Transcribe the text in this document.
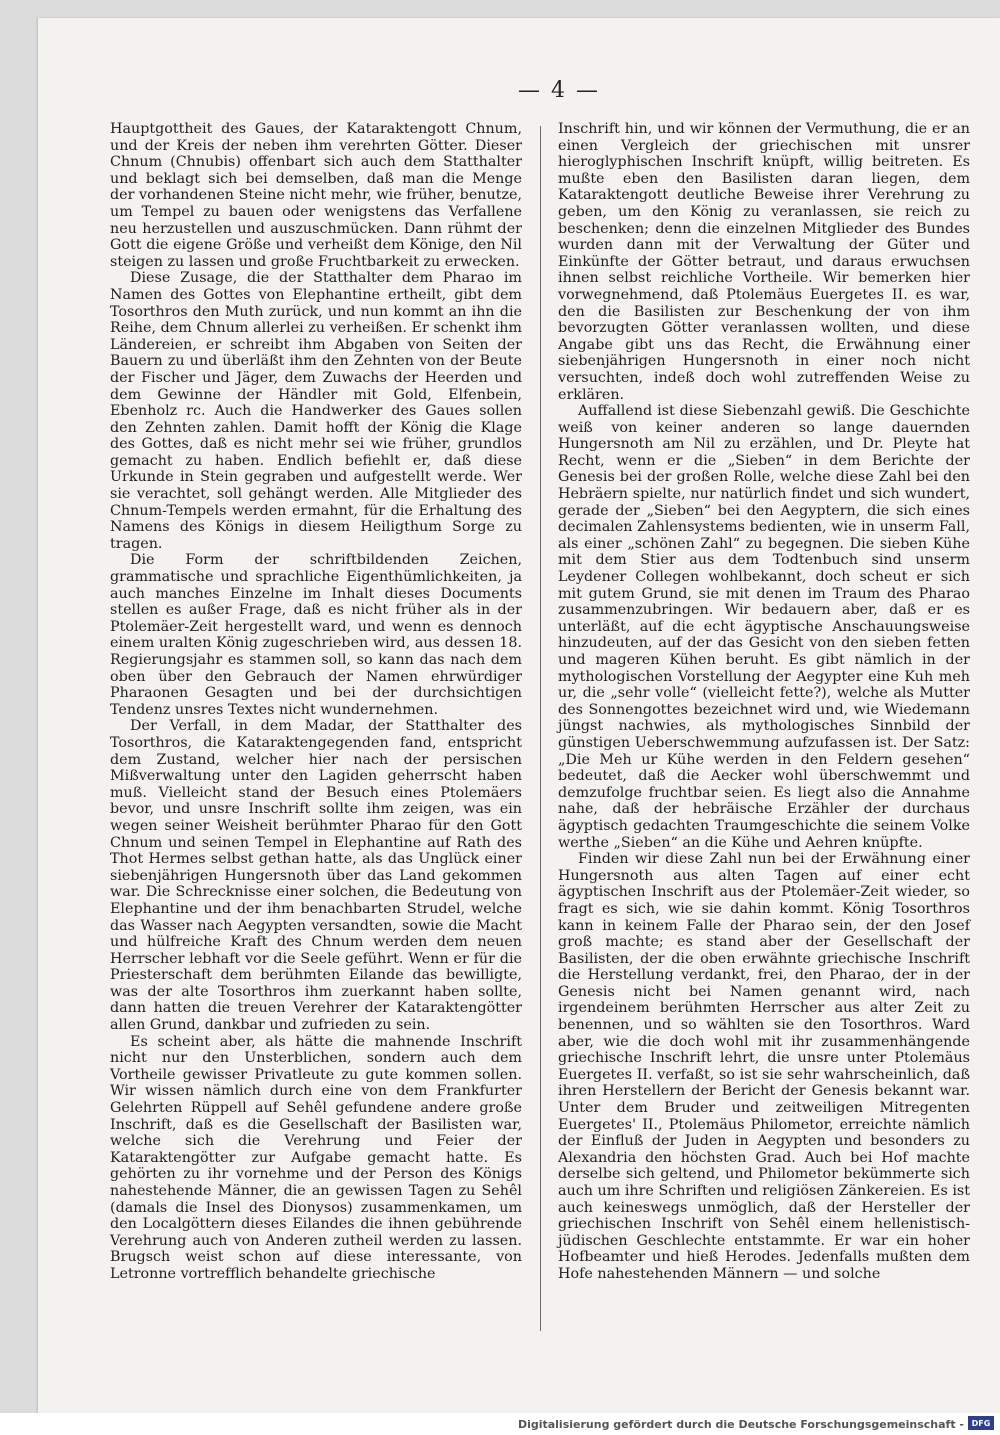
— 4 —

Hauptgottheit des Gaues, der Kataraktengott Chnum, und der Kreis der neben ihm verehrten Götter. Dieser Chnum (Chnubis) offenbart sich auch dem Statthalter und beklagt sich bei demselben, daß man die Menge der vorhandenen Steine nicht mehr, wie früher, benutze, um Tempel zu bauen oder wenigstens das Verfallene neu herzustellen und auszuschmücken. Dann rühmt der Gott die eigene Größe und verheißt dem Könige, den Nil steigen zu lassen und große Fruchtbarkeit zu erwecken.

Diese Zusage, die der Statthalter dem Pharao im Namen des Gottes von Elephantine ertheilt, gibt dem Tosorthros den Muth zurück, und nun kommt an ihn die Reihe, dem Chnum allerlei zu verheißen. Er schenkt ihm Ländereien, er schreibt ihm Abgaben von Seiten der Bauern zu und überläßt ihm den Zehnten von der Beute der Fischer und Jäger, dem Zuwachs der Heerden und dem Gewinne der Händler mit Gold, Elfenbein, Ebenholz rc. Auch die Handwerker des Gaues sollen den Zehnten zahlen. Damit hofft der König die Klage des Gottes, daß es nicht mehr sei wie früher, grundlos gemacht zu haben. Endlich befiehlt er, daß diese Urkunde in Stein gegraben und aufgestellt werde. Wer sie verachtet, soll gehängt werden. Alle Mitglieder des Chnum-Tempels werden ermahnt, für die Erhaltung des Namens des Königs in diesem Heiligthum Sorge zu tragen.

Die Form der schriftbildenden Zeichen, grammatische und sprachliche Eigenthümlichkeiten, ja auch manches Einzelne im Inhalt dieses Documents stellen es außer Frage, daß es nicht früher als in der Ptolemäer-Zeit hergestellt ward, und wenn es dennoch einem uralten König zugeschrieben wird, aus dessen 18. Regierungsjahr es stammen soll, so kann das nach dem oben über den Gebrauch der Namen ehrwürdiger Pharaonen Gesagten und bei der durchsichtigen Tendenz unsres Textes nicht wundernehmen.

Der Verfall, in dem Madar, der Statthalter des Tosorthros, die Kataraktengegenden fand, entspricht dem Zustand, welcher hier nach der persischen Mißverwaltung unter den Lagiden geherrscht haben muß. Vielleicht stand der Besuch eines Ptolemäers bevor, und unsre Inschrift sollte ihm zeigen, was ein wegen seiner Weisheit berühmter Pharao für den Gott Chnum und seinen Tempel in Elephantine auf Rath des Thot Hermes selbst gethan hatte, als das Unglück einer siebenjährigen Hungersnoth über das Land gekommen war. Die Schrecknisse einer solchen, die Bedeutung von Elephantine und der ihm benachbarten Strudel, welche das Wasser nach Aegypten versandten, sowie die Macht und hülfreiche Kraft des Chnum werden dem neuen Herrscher lebhaft vor die Seele geführt. Wenn er für die Priesterschaft dem berühmten Eilande das bewilligte, was der alte Tosorthros ihm zuerkannt haben sollte, dann hatten die treuen Verehrer der Kataraktengötter allen Grund, dankbar und zufrieden zu sein.

Es scheint aber, als hätte die mahnende Inschrift nicht nur den Unsterblichen, sondern auch dem Vortheile gewisser Privatleute zu gute kommen sollen. Wir wissen nämlich durch eine von dem Frankfurter Gelehrten Rüppell auf Sehêl gefundene andere große Inschrift, daß es die Gesellschaft der Basilisten war, welche sich die Verehrung und Feier der Kataraktengötter zur Aufgabe gemacht hatte. Es gehörten zu ihr vornehme und der Person des Königs nahestehende Männer, die an gewissen Tagen zu Sehêl (damals die Insel des Dionysos) zusammenkamen, um den Localgöttern dieses Eilandes die ihnen gebührende Verehrung auch von Anderen zutheil werden zu lassen. Brugsch weist schon auf diese interessante, von Letronne vortrefflich behandelte griechische

Inschrift hin, und wir können der Vermuthung, die er an einen Vergleich der griechischen mit unsrer hieroglyphischen Inschrift knüpft, willig beitreten. Es mußte eben den Basilisten daran liegen, dem Kataraktengott deutliche Beweise ihrer Verehrung zu geben, um den König zu veranlassen, sie reich zu beschenken; denn die einzelnen Mitglieder des Bundes wurden dann mit der Verwaltung der Güter und Einkünfte der Götter betraut, und daraus erwuchsen ihnen selbst reichliche Vortheile. Wir bemerken hier vorwegnehmend, daß Ptolemäus Euergetes II. es war, den die Basilisten zur Beschenkung der von ihm bevorzugten Götter veranlassen wollten, und diese Angabe gibt uns das Recht, die Erwähnung einer siebenjährigen Hungersnoth in einer noch nicht versuchten, indeß doch wohl zutreffenden Weise zu erklären.

Auffallend ist diese Siebenzahl gewiß. Die Geschichte weiß von keiner anderen so lange dauernden Hungersnoth am Nil zu erzählen, und Dr. Pleyte hat Recht, wenn er die „Sieben“ in dem Berichte der Genesis bei der großen Rolle, welche diese Zahl bei den Hebräern spielte, nur natürlich findet und sich wundert, gerade der „Sieben“ bei den Aegyptern, die sich eines decimalen Zahlensystems bedienten, wie in unserm Fall, als einer „schönen Zahl“ zu begegnen. Die sieben Kühe mit dem Stier aus dem Todtenbuch sind unserm Leydener Collegen wohlbekannt, doch scheut er sich mit gutem Grund, sie mit denen im Traum des Pharao zusammenzubringen. Wir bedauern aber, daß er es unterläßt, auf die echt ägyptische Anschauungsweise hinzudeuten, auf der das Gesicht von den sieben fetten und mageren Kühen beruht. Es gibt nämlich in der mythologischen Vorstellung der Aegypter eine Kuh meh ur, die „sehr volle“ (vielleicht fette?), welche als Mutter des Sonnengottes bezeichnet wird und, wie Wiedemann jüngst nachwies, als mythologisches Sinnbild der günstigen Ueberschwemmung aufzufassen ist. Der Satz: „Die Meh ur Kühe werden in den Feldern gesehen“ bedeutet, daß die Aecker wohl überschwemmt und demzufolge fruchtbar seien. Es liegt also die Annahme nahe, daß der hebräische Erzähler der durchaus ägyptisch gedachten Traumgeschichte die seinem Volke werthe „Sieben“ an die Kühe und Aehren knüpfte.

Finden wir diese Zahl nun bei der Erwähnung einer Hungersnoth aus alten Tagen auf einer echt ägyptischen Inschrift aus der Ptolemäer-Zeit wieder, so fragt es sich, wie sie dahin kommt. König Tosorthros kann in keinem Falle der Pharao sein, der den Josef groß machte; es stand aber der Gesellschaft der Basilisten, der die oben erwähnte griechische Inschrift die Herstellung verdankt, frei, den Pharao, der in der Genesis nicht bei Namen genannt wird, nach irgendeinem berühmten Herrscher aus alter Zeit zu benennen, und so wählten sie den Tosorthros. Ward aber, wie die doch wohl mit ihr zusammenhängende griechische Inschrift lehrt, die unsre unter Ptolemäus Euergetes II. verfaßt, so ist sie sehr wahrscheinlich, daß ihren Herstellern der Bericht der Genesis bekannt war. Unter dem Bruder und zeitweiligen Mitregenten Euergetes' II., Ptolemäus Philometor, erreichte nämlich der Einfluß der Juden in Aegypten und besonders zu Alexandria den höchsten Grad. Auch bei Hof machte derselbe sich geltend, und Philometor bekümmerte sich auch um ihre Schriften und religiösen Zänkereien. Es ist auch keineswegs unmöglich, daß der Hersteller der griechischen Inschrift von Sehêl einem hellenistisch-jüdischen Geschlechte entstammte. Er war ein hoher Hofbeamter und hieß Herodes. Jedenfalls mußten dem Hofe nahestehenden Männern — und solche

Digitalisierung gefördert durch die Deutsche Forschungsgemeinschaft - DFG
